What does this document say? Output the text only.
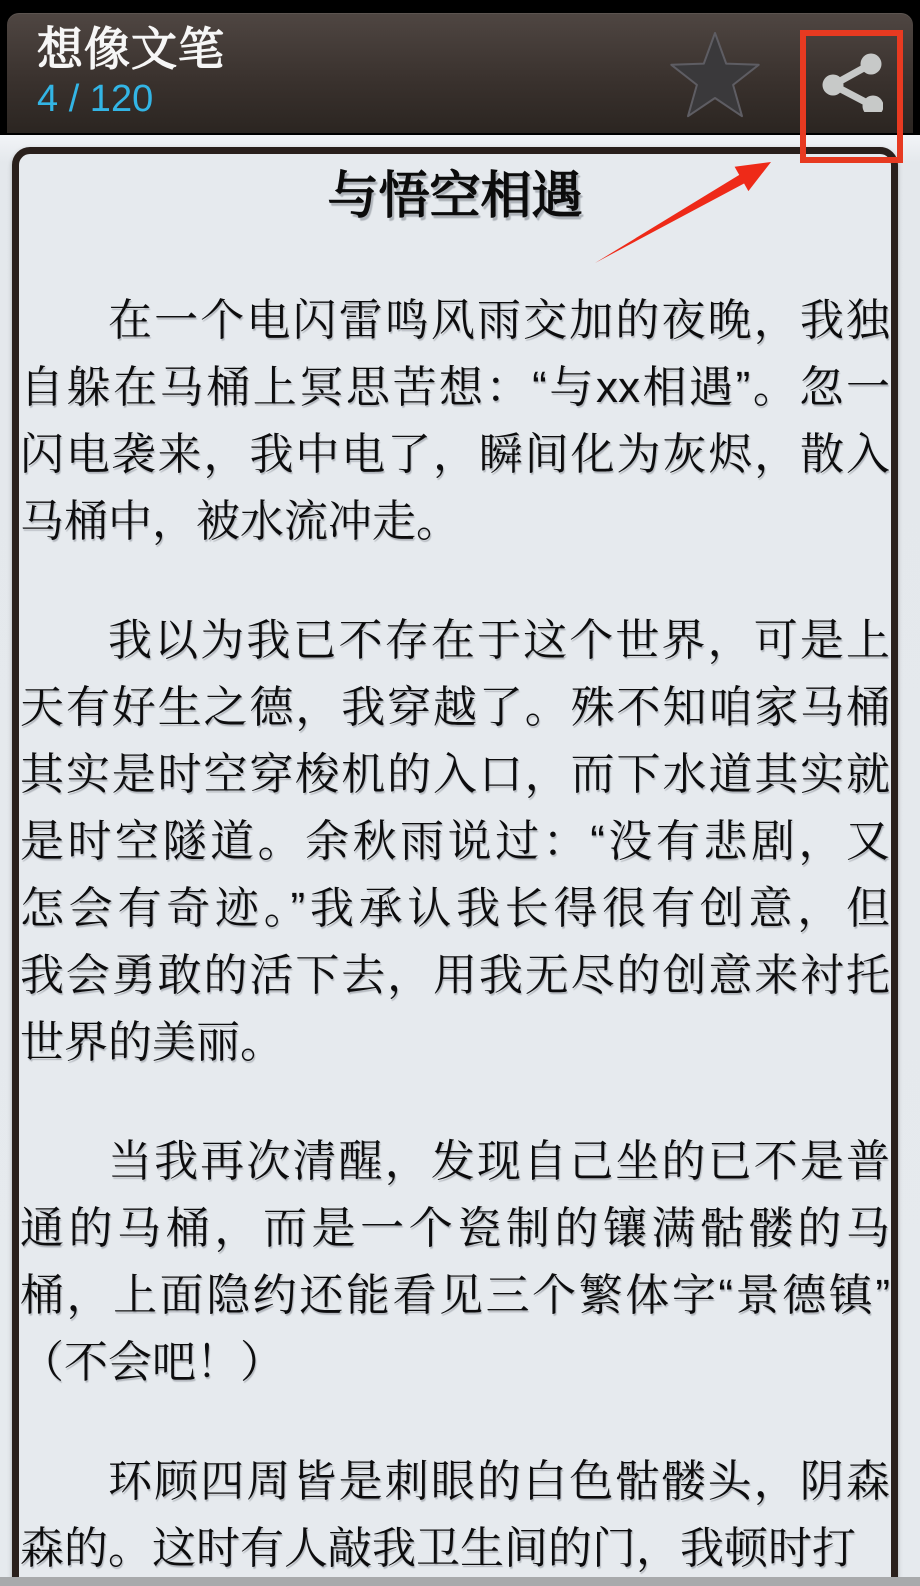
想像文笔
4 / 120
与悟空相遇
在一个电闪雷鸣风雨交加的夜晚，我独
自躲在马桶上冥思苦想：“与xx相遇”。忽一
闪电袭来，我中电了，瞬间化为灰烬，散入
马桶中，被水流冲走。
我以为我已不存在于这个世界，可是上
天有好生之德，我穿越了。殊不知咱家马桶
其实是时空穿梭机的入口，而下水道其实就
是时空隧道。余秋雨说过：“没有悲剧，又
怎会有奇迹。”我承认我长得很有创意，但
我会勇敢的活下去，用我无尽的创意来衬托
世界的美丽。
当我再次清醒，发现自己坐的已不是普
通的马桶，而是一个瓷制的镶满骷髅的马
桶，上面隐约还能看见三个繁体字“景德镇”
（不会吧！）
环顾四周皆是刺眼的白色骷髅头，阴森
森的。这时有人敲我卫生间的门，我顿时打
